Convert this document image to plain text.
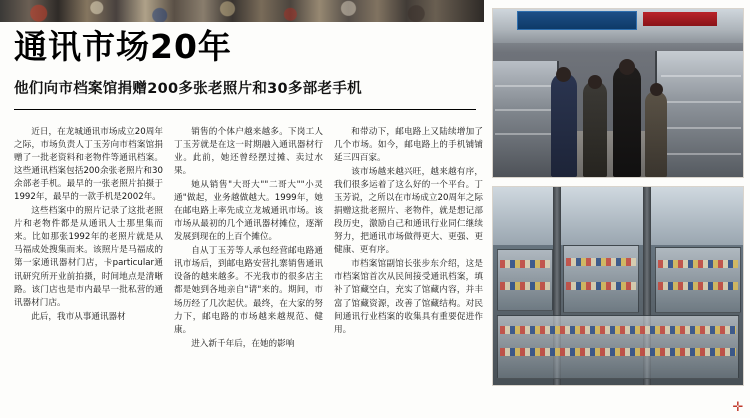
通讯市场20年
他们向市档案馆捐赠200多张老照片和30多部老手机

近日，在龙城通讯市场成立20周年之际，市场负责人丁玉芳向市档案馆捐赠了一批老资料和老物件等通讯档案。这些通讯档案包括200余张老照片和30余部老手机。最早的一张老照片拍摄于1992年，最早的一款手机是2002年。

这些档案中的照片记录了这批老照片和老物件都是从通讯人士那里集而来。比如那张1992年的老照片就是从马福成处搜集而来。该照片是马福成的第一家通讯器材门店，卡particular通讯研究所开业前拍摄，时间地点是清晰路。该门店也是市内最早一批私营的通讯器材门店。

此后，我市从事通讯器材

销售的个体户越来越多。下岗工人丁玉芳就是在这一时期融入通讯器材行业。此前，她还曾经摆过摊、卖过水果。

她从销售"大哥大""二哥大""小灵通"做起，业务越做越大。1999年，她在邮电路上率先成立龙城通讯市场。该市场从最初的几个通讯器材摊位，逐渐发展到现在的上百个摊位。

自从丁玉芳等人承包经营邮电路通讯市场后，到邮电路安营扎寨销售通讯设备的越来越多。不光我市的很多店主都是她到各地亲自"请"来的。期间，市场历经了几次起伏。最终，在大家的努力下，邮电路的市场越来越规范、健康。

进入新千年后，在她的影响

和带动下，邮电路上又陆续增加了几个市场。如今，邮电路上的手机铺铺延三四百家。

该市场越来越兴旺，越来越有序，我们很多运着了这么好的一个平台。丁玉芳说，之所以在市场成立20周年之际捐赠这批老照片、老物件，就是想记部段历史，激励自己和通讯行业同仁继续努力，把通讯市场做得更大、更强、更健康、更有序。

市档案馆副馆长张步东介绍，这是市档案馆首次从民间接受通讯档案，填补了馆藏空白，充实了馆藏内容，并丰富了馆藏资源，改善了馆藏结构。对民间通讯行业档案的收集具有重要促进作用。

✛
